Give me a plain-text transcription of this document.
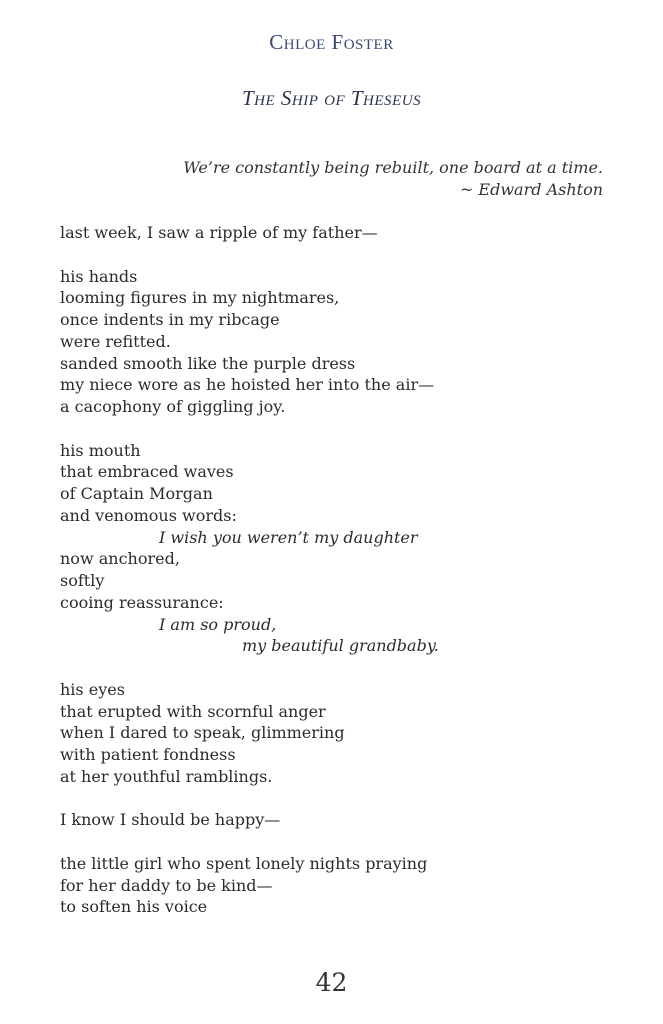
Chloe Foster
The Ship of Theseus
We’re constantly being rebuilt, one board at a time.
~ Edward Ashton
last week, I saw a ripple of my father—
his hands
looming figures in my nightmares,
once indents in my ribcage
were refitted.
sanded smooth like the purple dress
my niece wore as he hoisted her into the air—
a cacophony of giggling joy.
his mouth
that embraced waves
of Captain Morgan
and venomous words:
I wish you weren’t my daughter
now anchored,
softly
cooing reassurance:
I am so proud,
my beautiful grandbaby.
his eyes
that erupted with scornful anger
when I dared to speak, glimmering
with patient fondness
at her youthful ramblings.
I know I should be happy—
the little girl who spent lonely nights praying
for her daddy to be kind—
to soften his voice
42
